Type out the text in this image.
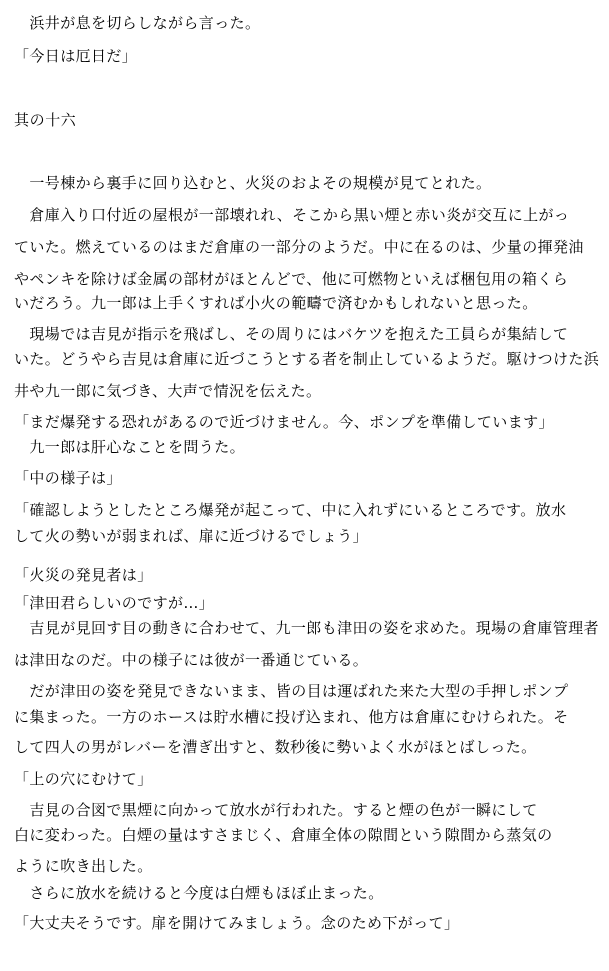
　浜井が息を切らしながら言った。
「今日は厄日だ」
其の十六
　一号棟から裏手に回り込むと、火災のおよその規模が見てとれた。
　倉庫入り口付近の屋根が一部壊れれ、そこから黒い煙と赤い炎が交互に上がっ
ていた。燃えているのはまだ倉庫の一部分のようだ。中に在るのは、少量の揮発油
やペンキを除けば金属の部材がほとんどで、他に可燃物といえば梱包用の箱くら
いだろう。九一郎は上手くすれば小火の範疇で済むかもしれないと思った。
　現場では吉見が指示を飛ばし、その周りにはバケツを抱えた工員らが集結して
いた。どうやら吉見は倉庫に近づこうとする者を制止しているようだ。駆けつけた浜
井や九一郎に気づき、大声で情況を伝えた。
「まだ爆発する恐れがあるので近づけません。今、ポンプを準備しています」
　九一郎は肝心なことを問うた。
「中の様子は」
「確認しようとしたところ爆発が起こって、中に入れずにいるところです。放水
して火の勢いが弱まれば、扉に近づけるでしょう」
「火災の発見者は」
「津田君らしいのですが…」
　吉見が見回す目の動きに合わせて、九一郎も津田の姿を求めた。現場の倉庫管理者
は津田なのだ。中の様子には彼が一番通じている。
　だが津田の姿を発見できないまま、皆の目は運ばれた来た大型の手押しポンプ
に集まった。一方のホースは貯水槽に投げ込まれ、他方は倉庫にむけられた。そ
して四人の男がレバーを漕ぎ出すと、数秒後に勢いよく水がほとばしった。
「上の穴にむけて」
　吉見の合図で黒煙に向かって放水が行われた。すると煙の色が一瞬にして
白に変わった。白煙の量はすさまじく、倉庫全体の隙間という隙間から蒸気の
ように吹き出した。
　さらに放水を続けると今度は白煙もほぼ止まった。
「大丈夫そうです。扉を開けてみましょう。念のため下がって」
